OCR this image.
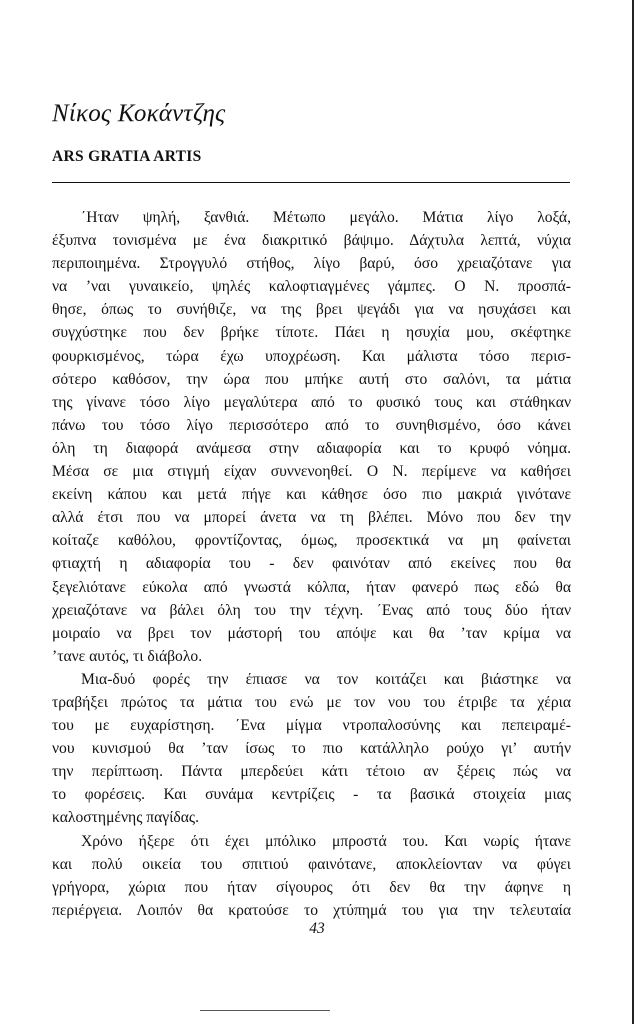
Νίκος Κοκάντζης
ARS GRATIA ARTIS
΄Ηταν ψηλή, ξανθιά. Μέτωπο μεγάλο. Μάτια λίγο λοξά,
έξυπνα τονισμένα με ένα διακριτικό βάψιμο. Δάχτυλα λεπτά, νύχια
περιποιημένα. Στρογγυλό στήθος, λίγο βαρύ, όσο χρειαζότανε για
να ’ναι γυναικείο, ψηλές καλοφτιαγμένες γάμπες. Ο Ν. προσπά-
θησε, όπως το συνήθιζε, να της βρει ψεγάδι για να ησυχάσει και
συγχύστηκε που δεν βρήκε τίποτε. Πάει η ησυχία μου, σκέφτηκε
φουρκισμένος, τώρα έχω υποχρέωση. Και μάλιστα τόσο περισ-
σότερο καθόσον, την ώρα που μπήκε αυτή στο σαλόνι, τα μάτια
της γίνανε τόσο λίγο μεγαλύτερα από το φυσικό τους και στάθηκαν
πάνω του τόσο λίγο περισσότερο από το συνηθισμένο, όσο κάνει
όλη τη διαφορά ανάμεσα στην αδιαφορία και το κρυφό νόημα.
Μέσα σε μια στιγμή είχαν συννενοηθεί. Ο Ν. περίμενε να καθήσει
εκείνη κάπου και μετά πήγε και κάθησε όσο πιο μακριά γινότανε
αλλά έτσι που να μπορεί άνετα να τη βλέπει. Μόνο που δεν την
κοίταζε καθόλου, φροντίζοντας, όμως, προσεκτικά να μη φαίνεται
φτιαχτή η αδιαφορία του - δεν φαινόταν από εκείνες που θα
ξεγελιότανε εύκολα από γνωστά κόλπα, ήταν φανερό πως εδώ θα
χρειαζότανε να βάλει όλη του την τέχνη. ΄Ενας από τους δύο ήταν
μοιραίο να βρει τον μάστορή του απόψε και θα ’ταν κρίμα να
’τανε αυτός, τι διάβολο.
Μια-δυό φορές την έπιασε να τον κοιτάζει και βιάστηκε να
τραβήξει πρώτος τα μάτια του ενώ με τον νου του έτριβε τα χέρια
του με ευχαρίστηση. ΄Ενα μίγμα ντροπαλοσύνης και πεπειραμέ-
νου κυνισμού θα ’ταν ίσως το πιο κατάλληλο ρούχο γι’ αυτήν
την περίπτωση. Πάντα μπερδεύει κάτι τέτοιο αν ξέρεις πώς να
το φορέσεις. Και συνάμα κεντρίζεις - τα βασικά στοιχεία μιας
καλοστημένης παγίδας.
Χρόνο ήξερε ότι έχει μπόλικο μπροστά του. Και νωρίς ήτανε
και πολύ οικεία του σπιτιού φαινότανε, αποκλείονταν να φύγει
γρήγορα, χώρια που ήταν σίγουρος ότι δεν θα την άφηνε η
περιέργεια. Λοιπόν θα κρατούσε το χτύπημά του για την τελευταία
43
